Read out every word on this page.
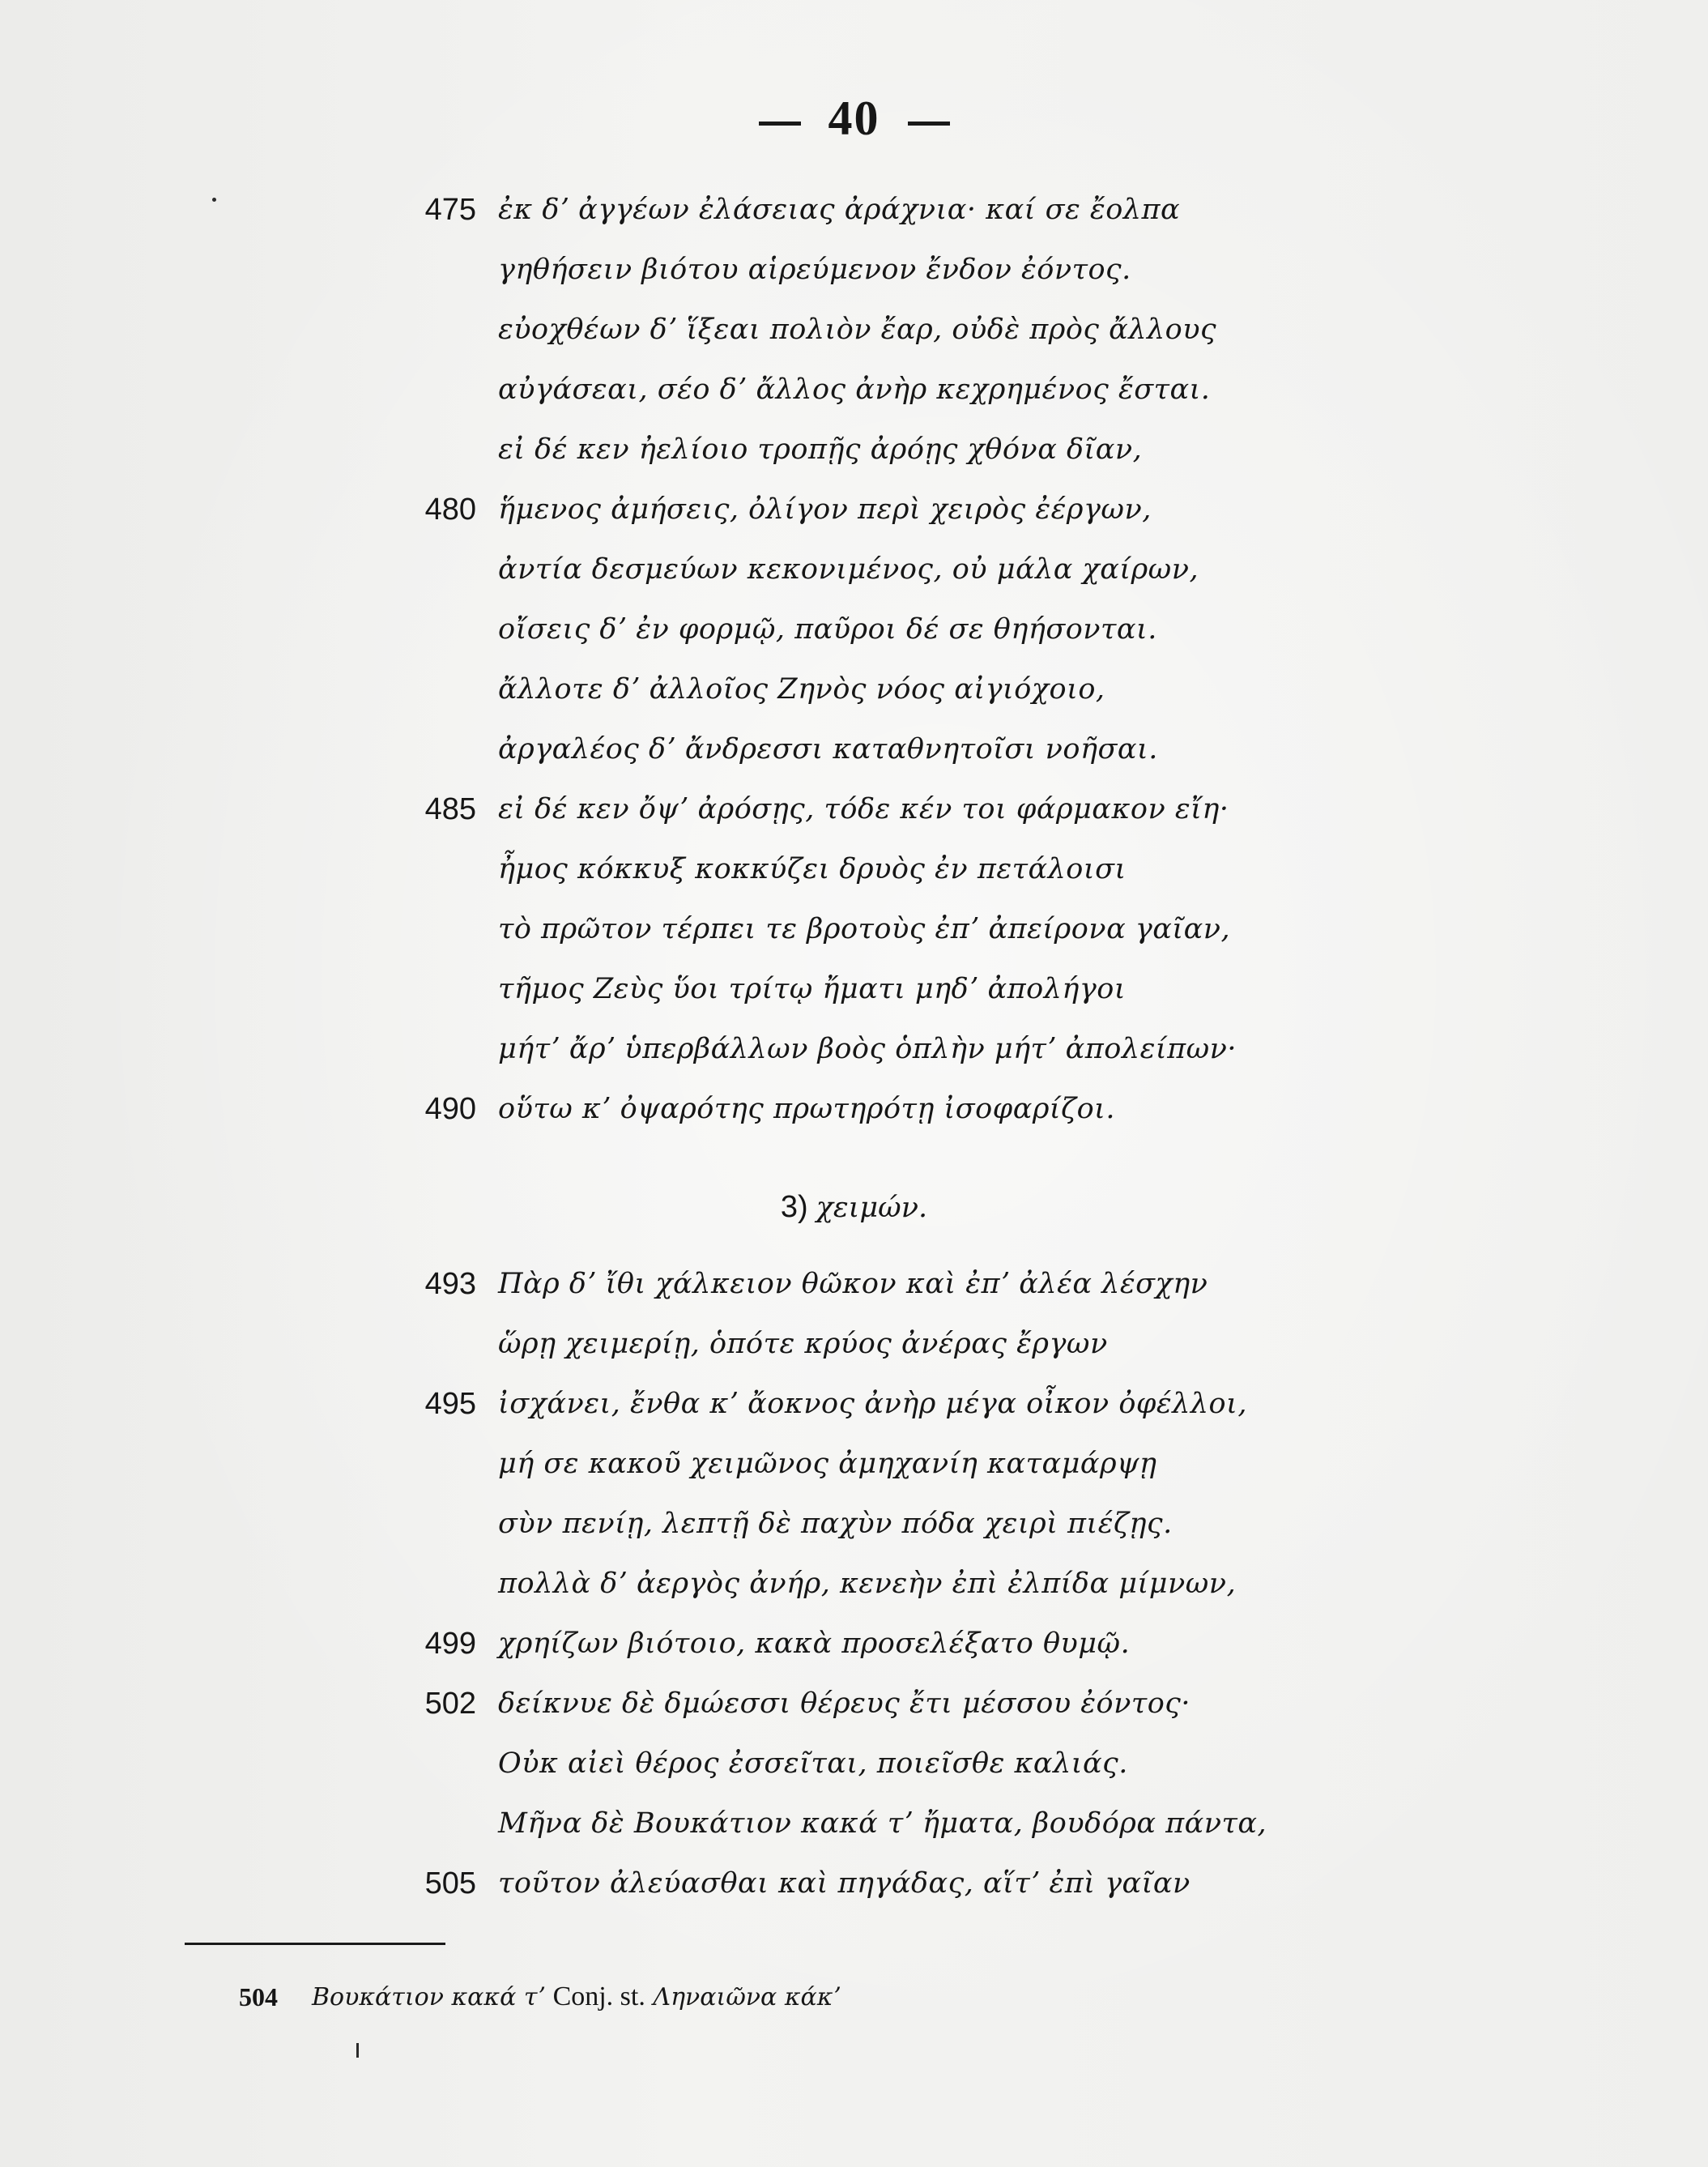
40
475 ἐκ δʼ ἀγγέων ἐλάσειας ἀράχνια· καί σε ἔολπα
γηθήσειν βιότου αἱρεύμενον ἔνδον ἐόντος.
εὐοχθέων δʼ ἵξεαι πολιὸν ἔαρ, οὐδὲ πρὸς ἄλλους
αὐγάσεαι, σέο δʼ ἄλλος ἀνὴρ κεχρημένος ἔσται.
εἰ δέ κεν ἠελίοιο τροπῇς ἀρόῃς χθόνα δῖαν,
480 ἥμενος ἀμήσεις, ὀλίγον περὶ χειρὸς ἐέργων,
ἀντία δεσμεύων κεκονιμένος, οὐ μάλα χαίρων,
οἴσεις δʼ ἐν φορμῷ, παῦροι δέ σε θηήσονται.
ἄλλοτε δʼ ἀλλοῖος Ζηνὸς νόος αἰγιόχοιο,
ἀργαλέος δʼ ἄνδρεσσι καταθνητοῖσι νοῆσαι.
485 εἰ δέ κεν ὄψʼ ἀρόσῃς, τόδε κέν τοι φάρμακον εἴη·
ἦμος κόκκυξ κοκκύζει δρυὸς ἐν πετάλοισι
τὸ πρῶτον τέρπει τε βροτοὺς ἐπʼ ἀπείρονα γαῖαν,
τῆμος Ζεὺς ὕοι τρίτῳ ἤματι μηδʼ ἀπολήγοι
μήτʼ ἄρʼ ὑπερβάλλων βοὸς ὁπλὴν μήτʼ ἀπολείπων·
490 οὕτω κʼ ὀψαρότης πρωτηρότῃ ἰσοφαρίζοι.
3) χειμών.
493 Πὰρ δʼ ἴθι χάλκειον θῶκον καὶ ἐπʼ ἀλέα λέσχην
ὥρῃ χειμερίῃ, ὁπότε κρύος ἀνέρας ἔργων
495 ἰσχάνει, ἔνθα κʼ ἄοκνος ἀνὴρ μέγα οἶκον ὀφέλλοι,
μή σε κακοῦ χειμῶνος ἀμηχανίη καταμάρψῃ
σὺν πενίῃ, λεπτῇ δὲ παχὺν πόδα χειρὶ πιέζῃς.
πολλὰ δʼ ἀεργὸς ἀνήρ, κενεὴν ἐπὶ ἐλπίδα μίμνων,
499 χρηίζων βιότοιο, κακὰ προσελέξατο θυμῷ.
502 δείκνυε δὲ δμώεσσι θέρευς ἔτι μέσσου ἐόντος·
Οὐκ αἰεὶ θέρος ἐσσεῖται, ποιεῖσθε καλιάς.
Μῆνα δὲ Βουκάτιον κακά τʼ ἤματα, βουδόρα πάντα,
505 τοῦτον ἀλεύασθαι καὶ πηγάδας, αἵτʼ ἐπὶ γαῖαν
504 Βουκάτιον κακά τʼ Conj. st. Ληναιῶνα κάκʼ
